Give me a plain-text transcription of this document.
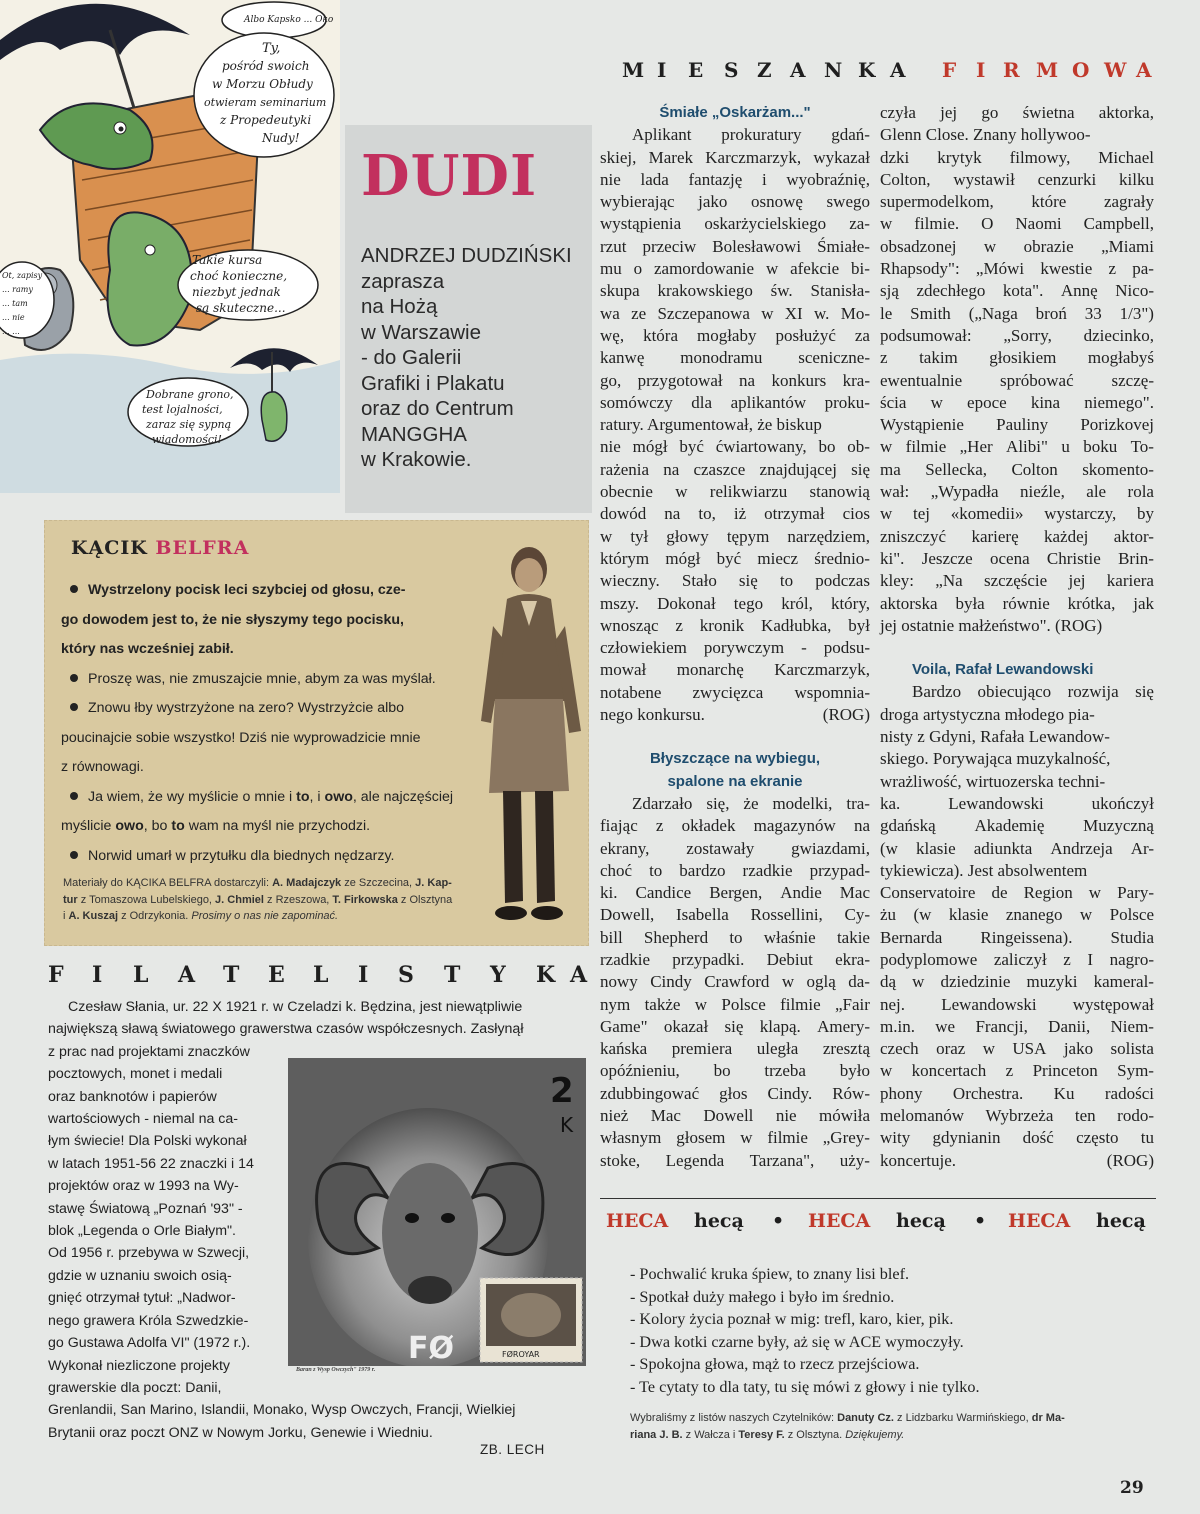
Albo Kapsko ... Oko
Ty,
pośród swoich
w Morzu Obłudy
otwieram seminarium
z Propedeutyki
Nudy!
Takie kursa
choć konieczne,
niezbyt jednak
są skuteczne...
Ot, zapisy
... ramy
... tam
... nie
... ...
Dobrane grono,
test lojalności,
zaraz się sypną
wiadomości!
DUDI
ANDRZEJ DUDZIŃSKI
zaprasza
na Hożą
w Warszawie
- do Galerii
Grafiki i Plakatu
oraz do Centrum
MANGGHA
w Krakowie.
KĄCIK BELFRA
Wystrzelony pocisk leci szybciej od głosu, cze-
go dowodem jest to, że nie słyszymy tego pocisku,
który nas wcześniej zabił.
Proszę was, nie zmuszajcie mnie, abym za was myślał.
Znowu łby wystrzyżone na zero? Wystrzyżcie albo
poucinajcie sobie wszystko! Dziś nie wyprowadzicie mnie
z równowagi.
Ja wiem, że wy myślicie o mnie i to, i owo, ale najczęściej
myślicie owo, bo to wam na myśl nie przychodzi.
Norwid umarł w przytułku dla biednych nędzarzy.
Materiały do KĄCIKA BELFRA dostarczyli: A. Madajczyk ze Szczecina, J. Kap-
tur z Tomaszowa Lubelskiego, J. Chmiel z Rzeszowa, T. Firkowska z Olsztyna
i A. Kuszaj z Odrzykonia. Prosimy o nas nie zapominać.
F I L A T E L I S T Y K A
Czesław Słania, ur. 22 X 1921 r. w Czeladzi k. Będzina, jest niewątpliwie
największą sławą światowego grawerstwa czasów współczesnych. Zasłynął
z prac nad projektami znaczków
pocztowych, monet i medali
oraz banknotów i papierów
wartościowych - niemal na ca-
łym świecie! Dla Polski wykonał
w latach 1951-56 22 znaczki i 14
projektów oraz w 1993 na Wy-
stawę Światową „Poznań '93" -
blok „Legenda o Orle Białym".
Od 1956 r. przebywa w Szwecji,
gdzie w uznaniu swoich osią-
gnięć otrzymał tytuł: „Nadwor-
nego grawera Króla Szwedzkie-
go Gustawa Adolfa VI" (1972 r.).
Wykonał niezliczone projekty
grawerskie dla poczt: Danii,
Grenlandii, San Marino, Islandii, Monako, Wysp Owczych, Francji, Wielkiej
Brytanii oraz poczt ONZ w Nowym Jorku, Genewie i Wiedniu.
2
K
FØ	FØROYAR
Baran z Wysp Owczych" 1979 r.
ZB. LECH
M I E S Z A N K A F I R M O W A
Śmiałe „Oskarżam..."
Aplikant prokuratury gdań-
skiej, Marek Karczmarzyk, wykazał
nie lada fantazję i wyobraźnię,
wybierając jako osnowę swego
wystąpienia oskarżycielskiego za-
rzut przeciw Bolesławowi Śmiałe-
mu o zamordowanie w afekcie bi-
skupa krakowskiego św. Stanisła-
wa ze Szczepanowa w XI w. Mo-
wę, która mogłaby posłużyć za
kanwę monodramu sceniczne-
go, przygotował na konkurs kra-
somówczy dla aplikantów proku-
ratury. Argumentował, że biskup
nie mógł być ćwiartowany, bo ob-
rażenia na czaszce znajdującej się
obecnie w relikwiarzu stanowią
dowód na to, iż otrzymał cios
w tył głowy tępym narzędziem,
którym mógł być miecz średnio-
wieczny. Stało się to podczas
mszy. Dokonał tego król, który,
wnosząc z kronik Kadłubka, był
człowiekiem porywczym - podsu-
mował monarchę Karczmarzyk,
notabene zwycięzca wspomnia-
nego konkursu.	(ROG)
Błyszczące na wybiegu,
spalone na ekranie
Zdarzało się, że modelki, tra-
fiając z okładek magazynów na
ekrany, zostawały gwiazdami,
choć to bardzo rzadkie przypad-
ki. Candice Bergen, Andie Mac
Dowell, Isabella Rossellini, Cy-
bill Shepherd to właśnie takie
rzadkie przypadki. Debiut ekra-
nowy Cindy Crawford w oglą da-
nym także w Polsce filmie „Fair
Game" okazał się klapą. Amery-
kańska premiera uległa zresztą
opóźnieniu, bo trzeba było
zdubbingować głos Cindy. Rów-
nież Mac Dowell nie mówiła
własnym głosem w filmie „Grey-
stoke, Legenda Tarzana", uży-
czyła jej go świetna aktorka,
Glenn Close. Znany hollywoo-
dzki krytyk filmowy, Michael
Colton, wystawił cenzurki kilku
supermodelkom, które zagrały
w filmie. O Naomi Campbell,
obsadzonej w obrazie „Miami
Rhapsody": „Mówi kwestie z pa-
sją zdechłego kota". Annę Nico-
le Smith („Naga broń 33 1/3")
podsumował: „Sorry, dziecinko,
z takim głosikiem mogłabyś
ewentualnie spróbować szczę-
ścia w epoce kina niemego".
Wystąpienie Pauliny Porizkovej
w filmie „Her Alibi" u boku To-
ma Sellecka, Colton skomento-
wał: „Wypadła nieźle, ale rola
w tej «komedii» wystarczy, by
zniszczyć karierę każdej aktor-
ki". Jeszcze ocena Christie Brin-
kley: „Na szczęście jej kariera
aktorska była równie krótka, jak
jej ostatnie małżeństwo". (ROG)
Voila, Rafał Lewandowski
Bardzo obiecująco rozwija się
droga artystyczna młodego pia-
nisty z Gdyni, Rafała Lewandow-
skiego. Porywająca muzykalność,
wrażliwość, wirtuozerska techni-
ka.	Lewandowski	ukończył
gdańską Akademię Muzyczną
(w klasie adiunkta Andrzeja Ar-
tykiewicza). Jest absolwentem
Conservatoire de Region w Pary-
żu (w klasie znanego w Polsce
Bernarda Ringeissena). Studia
podyplomowe zaliczył z I nagro-
dą w dziedzinie muzyki kameral-
nej. Lewandowski występował
m.in. we Francji, Danii, Niem-
czech oraz w USA jako solista
w koncertach z Princeton Sym-
phony Orchestra. Ku radości
melomanów Wybrzeża ten rodo-
wity gdynianin dość często tu
koncertuje.	(ROG)
HECA hecą • HECA hecą • HECA hecą
- Pochwalić kruka śpiew, to znany lisi blef.
- Spotkał duży małego i było im średnio.
- Kolory życia poznał w mig: trefl, karo, kier, pik.
- Dwa kotki czarne były, aż się w ACE wymoczyły.
- Spokojna głowa, mąż to rzecz przejściowa.
- Te cytaty to dla taty, tu się mówi z głowy i nie tylko.
Wybraliśmy z listów naszych Czytelników: Danuty Cz. z Lidzbarku Warmińskiego, dr Ma-
riana J. B. z Wałcza i Teresy F. z Olsztyna. Dziękujemy.
29
